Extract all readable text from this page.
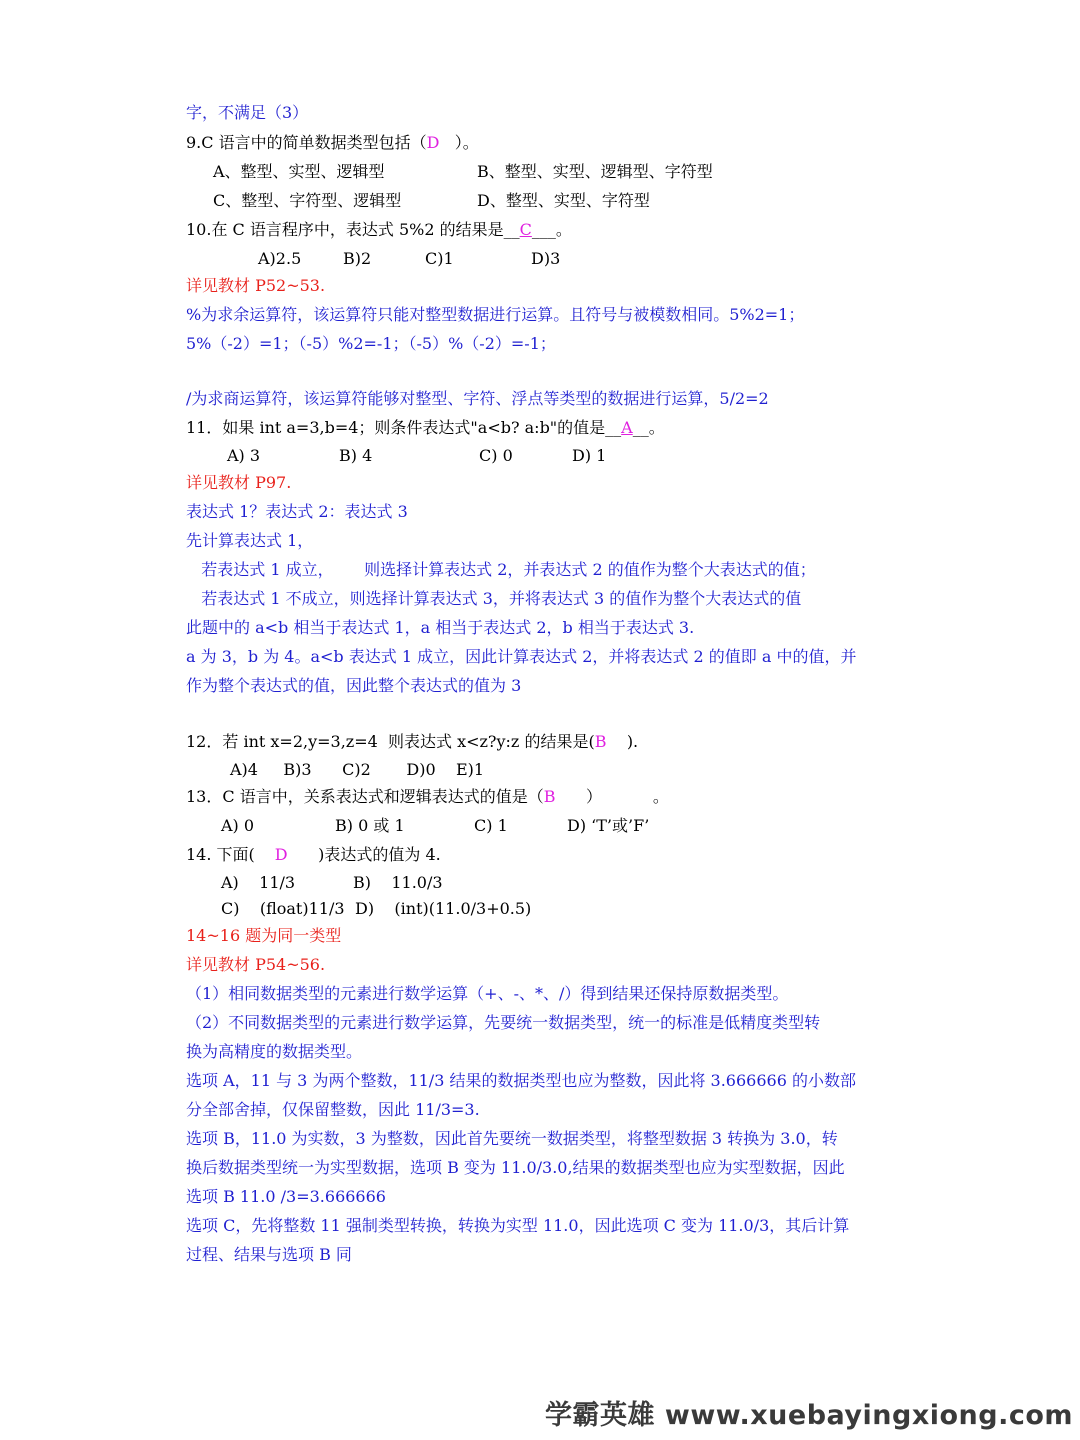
字，不满足（3）

9.C 语言中的简单数据类型包括（D   ）。

A、整型、实型、逻辑型	B、整型、实型、逻辑型、字符型
C、整型、字符型、逻辑型	D、整型、实型、字符型

10.在 C 语言程序中，表达式 5%2 的结果是__C___。

A)2.5	B)2	C)1	D)3

详见教材 P52~53.

%为求余运算符，该运算符只能对整型数据进行运算。且符号与被模数相同。5%2=1；

5%（-2）=1；（-5）%2=-1；（-5）%（-2）=-1；

/为求商运算符，该运算符能够对整型、字符、浮点等类型的数据进行运算，5/2=2

11．如果 int a=3,b=4；则条件表达式"a<b? a:b"的值是__A__。

A) 3	B) 4	C) 0	D) 1

详见教材 P97.

表达式 1？表达式 2：表达式 3

先计算表达式 1，

若表达式 1 成立，      则选择计算表达式 2，并表达式 2 的值作为整个大表达式的值；

若表达式 1 不成立，则选择计算表达式 3，并将表达式 3 的值作为整个大表达式的值

此题中的 a<b 相当于表达式 1，a 相当于表达式 2，b 相当于表达式 3.

a 为 3，b 为 4。a<b 表达式 1 成立，因此计算表达式 2，并将表达式 2 的值即 a 中的值，并

作为整个表达式的值，因此整个表达式的值为 3

12．若 int x=2,y=3,z=4  则表达式 x<z?y:z 的结果是(B    ).

A)4     B)3      C)2       D)0    E)1

13．C 语言中，关系表达式和逻辑表达式的值是（B      ）          。

A) 0	B) 0 或 1	C) 1	D) ‘T’或’F’

14. 下面( D      )表达式的值为 4.

A)    11/3	B)    11.0/3
C)    (float)11/3 D)    (int)(11.0/3+0.5)

14~16 题为同一类型

详见教材 P54~56.

（1）相同数据类型的元素进行数学运算（+、-、*、/）得到结果还保持原数据类型。

（2）不同数据类型的元素进行数学运算，先要统一数据类型，统一的标准是低精度类型转

换为高精度的数据类型。

选项 A，11 与 3 为两个整数，11/3 结果的数据类型也应为整数，因此将 3.666666 的小数部

分全部舍掉，仅保留整数，因此 11/3=3.

选项 B，11.0 为实数，3 为整数，因此首先要统一数据类型，将整型数据 3 转换为 3.0，转

换后数据类型统一为实型数据，选项 B 变为 11.0/3.0,结果的数据类型也应为实型数据，因此

选项 B 11.0 /3=3.666666

选项 C，先将整数 11 强制类型转换，转换为实型 11.0，因此选项 C 变为 11.0/3，其后计算

过程、结果与选项 B 同

学霸英雄 www.xuebayingxiong.com
